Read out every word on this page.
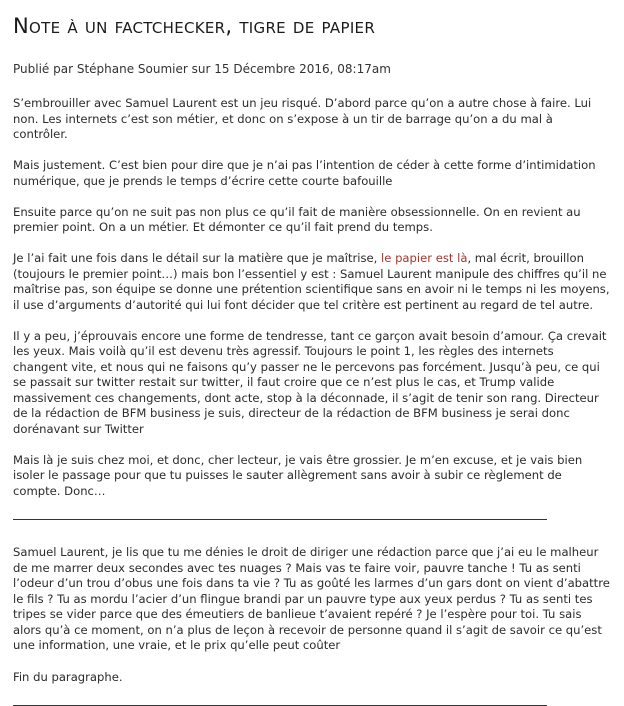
Note à un factchecker, tigre de papier

Publié par Stéphane Soumier sur 15 Décembre 2016, 08:17am

S’embrouiller avec Samuel Laurent est un jeu risqué. D’abord parce qu’on a autre chose à faire. Lui non. Les internets c’est son métier, et donc on s’expose à un tir de barrage qu’on a du mal à contrôler.

Mais justement. C’est bien pour dire que je n’ai pas l’intention de céder à cette forme d’intimidation numérique, que je prends le temps d’écrire cette courte bafouille

Ensuite parce qu’on ne suit pas non plus ce qu’il fait de manière obsessionnelle. On en revient au premier point. On a un métier. Et démonter ce qu’il fait prend du temps.

Je l’ai fait une fois dans le détail sur la matière que je maîtrise, le papier est là, mal écrit, brouillon (toujours le premier point…) mais bon l’essentiel y est : Samuel Laurent manipule des chiffres qu’il ne maîtrise pas, son équipe se donne une prétention scientifique sans en avoir ni le temps ni les moyens, il use d’arguments d’autorité qui lui font décider que tel critère est pertinent au regard de tel autre.

Il y a peu, j’éprouvais encore une forme de tendresse, tant ce garçon avait besoin d’amour. Ça crevait les yeux. Mais voilà qu’il est devenu très agressif. Toujours le point 1, les règles des internets changent vite, et nous qui ne faisons qu’y passer ne le percevons pas forcément. Jusqu’à peu, ce qui se passait sur twitter restait sur twitter, il faut croire que ce n’est plus le cas, et Trump valide massivement ces changements, dont acte, stop à la déconnade, il s’agit de tenir son rang. Directeur de la rédaction de BFM business je suis, directeur de la rédaction de BFM business je serai donc dorénavant sur Twitter

Mais là je suis chez moi, et donc, cher lecteur, je vais être grossier. Je m’en excuse, et je vais bien isoler le passage pour que tu puisses le sauter allègrement sans avoir à subir ce règlement de compte. Donc…

Samuel Laurent, je lis que tu me dénies le droit de diriger une rédaction parce que j’ai eu le malheur de me marrer deux secondes avec tes nuages ? Mais vas te faire voir, pauvre tanche ! Tu as senti l’odeur d’un trou d’obus une fois dans ta vie ? Tu as goûté les larmes d’un gars dont on vient d’abattre le fils ? Tu as mordu l’acier d’un flingue brandi par un pauvre type aux yeux perdus ? Tu as senti tes tripes se vider parce que des émeutiers de banlieue t’avaient repéré ? Je l’espère pour toi. Tu sais alors qu’à ce moment, on n’a plus de leçon à recevoir de personne quand il s’agit de savoir ce qu’est une information, une vraie, et le prix qu’elle peut coûter

Fin du paragraphe.
